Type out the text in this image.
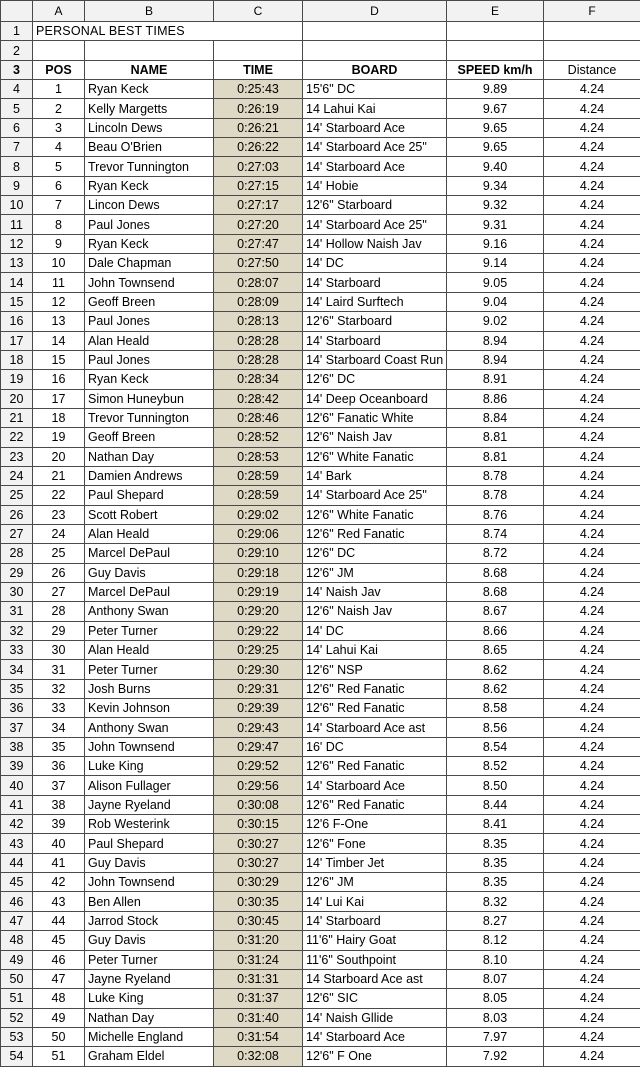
	A	B	C	D	E	F
1	PERSONAL BEST TIMES					
2						
3	POS	NAME	TIME	BOARD	SPEED km/h	Distance
4	1	Ryan Keck	0:25:43	15'6" DC	9.89	4.24
5	2	Kelly Margetts	0:26:19	14 Lahui Kai	9.67	4.24
6	3	Lincoln Dews	0:26:21	14' Starboard Ace	9.65	4.24
7	4	Beau O'Brien	0:26:22	14' Starboard Ace 25"	9.65	4.24
8	5	Trevor Tunnington	0:27:03	14' Starboard Ace	9.40	4.24
9	6	Ryan Keck	0:27:15	14' Hobie	9.34	4.24
10	7	Lincon Dews	0:27:17	12'6" Starboard	9.32	4.24
11	8	Paul Jones	0:27:20	14' Starboard Ace 25"	9.31	4.24
12	9	Ryan Keck	0:27:47	14' Hollow Naish Jav	9.16	4.24
13	10	Dale Chapman	0:27:50	14' DC	9.14	4.24
14	11	John Townsend	0:28:07	14' Starboard	9.05	4.24
15	12	Geoff Breen	0:28:09	14' Laird Surftech	9.04	4.24
16	13	Paul Jones	0:28:13	12'6" Starboard	9.02	4.24
17	14	Alan Heald	0:28:28	14' Starboard	8.94	4.24
18	15	Paul Jones	0:28:28	14' Starboard Coast Run	8.94	4.24
19	16	Ryan Keck	0:28:34	12'6" DC	8.91	4.24
20	17	Simon Huneybun	0:28:42	14' Deep Oceanboard	8.86	4.24
21	18	Trevor Tunnington	0:28:46	12'6" Fanatic White	8.84	4.24
22	19	Geoff Breen	0:28:52	12'6" Naish Jav	8.81	4.24
23	20	Nathan Day	0:28:53	12'6" White Fanatic	8.81	4.24
24	21	Damien Andrews	0:28:59	14' Bark	8.78	4.24
25	22	Paul Shepard	0:28:59	14' Starboard Ace 25"	8.78	4.24
26	23	Scott Robert	0:29:02	12'6" White Fanatic	8.76	4.24
27	24	Alan Heald	0:29:06	12'6" Red Fanatic	8.74	4.24
28	25	Marcel DePaul	0:29:10	12'6" DC	8.72	4.24
29	26	Guy Davis	0:29:18	12'6" JM	8.68	4.24
30	27	Marcel DePaul	0:29:19	14' Naish Jav	8.68	4.24
31	28	Anthony Swan	0:29:20	12'6" Naish Jav	8.67	4.24
32	29	Peter Turner	0:29:22	14' DC	8.66	4.24
33	30	Alan Heald	0:29:25	14' Lahui Kai	8.65	4.24
34	31	Peter Turner	0:29:30	12'6" NSP	8.62	4.24
35	32	Josh Burns	0:29:31	12'6" Red Fanatic	8.62	4.24
36	33	Kevin Johnson	0:29:39	12'6" Red Fanatic	8.58	4.24
37	34	Anthony Swan	0:29:43	14' Starboard Ace ast	8.56	4.24
38	35	John Townsend	0:29:47	16' DC	8.54	4.24
39	36	Luke King	0:29:52	12'6" Red Fanatic	8.52	4.24
40	37	Alison Fullager	0:29:56	14' Starboard Ace	8.50	4.24
41	38	Jayne Ryeland	0:30:08	12'6" Red Fanatic	8.44	4.24
42	39	Rob Westerink	0:30:15	12'6 F-One	8.41	4.24
43	40	Paul Shepard	0:30:27	12'6" Fone	8.35	4.24
44	41	Guy Davis	0:30:27	14' Timber Jet	8.35	4.24
45	42	John Townsend	0:30:29	12'6" JM	8.35	4.24
46	43	Ben Allen	0:30:35	14' Lui Kai	8.32	4.24
47	44	Jarrod Stock	0:30:45	14' Starboard	8.27	4.24
48	45	Guy Davis	0:31:20	11'6" Hairy Goat	8.12	4.24
49	46	Peter Turner	0:31:24	11'6" Southpoint	8.10	4.24
50	47	Jayne Ryeland	0:31:31	14 Starboard Ace ast	8.07	4.24
51	48	Luke King	0:31:37	12'6" SIC	8.05	4.24
52	49	Nathan Day	0:31:40	14' Naish Gllide	8.03	4.24
53	50	Michelle England	0:31:54	14' Starboard Ace	7.97	4.24
54	51	Graham Eldel	0:32:08	12'6" F One	7.92	4.24
